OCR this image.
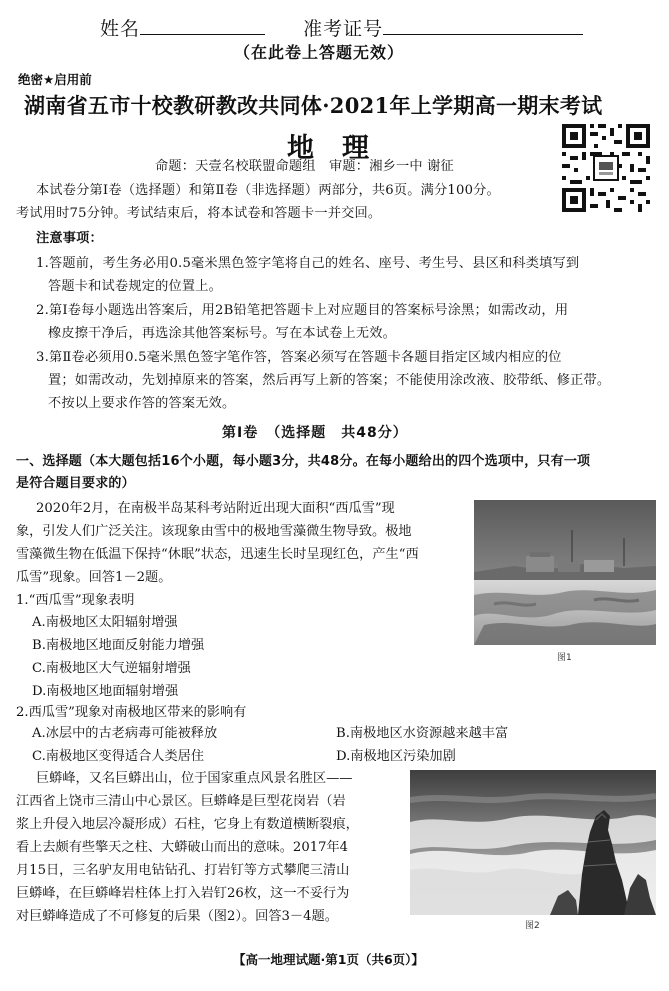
姓名	准考证号
（在此卷上答题无效）
绝密★启用前
湖南省五市十校教研教改共同体·2021年上学期高一期末考试
地理
命题：天壹名校联盟命题组　审题：湘乡一中 谢征
本试卷分第Ⅰ卷（选择题）和第Ⅱ卷（非选择题）两部分，共6页。满分100分。
考试用时75分钟。考试结束后，将本试卷和答题卡一并交回。
注意事项：
1.答题前，考生务必用0.5毫米黑色签字笔将自己的姓名、座号、考生号、县区和科类填写到
答题卡和试卷规定的位置上。
2.第Ⅰ卷每小题选出答案后，用2B铅笔把答题卡上对应题目的答案标号涂黑；如需改动，用
橡皮擦干净后，再选涂其他答案标号。写在本试卷上无效。
3.第Ⅱ卷必须用0.5毫米黑色签字笔作答，答案必须写在答题卡各题目指定区域内相应的位
置；如需改动，先划掉原来的答案，然后再写上新的答案；不能使用涂改液、胶带纸、修正带。
不按以上要求作答的答案无效。
第Ⅰ卷　（选择题　共48分）
一、选择题（本大题包括16个小题，每小题3分，共48分。在每小题给出的四个选项中，只有一项
是符合题目要求的）
2020年2月，在南极半岛某科考站附近出现大面积“西瓜雪”现
象，引发人们广泛关注。该现象由雪中的极地雪藻微生物导致。极地
雪藻微生物在低温下保持“休眠”状态，迅速生长时呈现红色，产生“西
瓜雪”现象。回答1－2题。
图1
1.“西瓜雪”现象表明
A.南极地区太阳辐射增强
B.南极地区地面反射能力增强
C.南极地区大气逆辐射增强
D.南极地区地面辐射增强
2.西瓜雪”现象对南极地区带来的影响有
A.冰层中的古老病毒可能被释放	B.南极地区水资源越来越丰富
C.南极地区变得适合人类居住	D.南极地区污染加剧
巨蟒峰，又名巨蟒出山，位于国家重点风景名胜区——
江西省上饶市三清山中心景区。巨蟒峰是巨型花岗岩（岩
浆上升侵入地层冷凝形成）石柱，它身上有数道横断裂痕，
看上去颇有些擎天之柱、大蟒破山而出的意味。2017年4
月15日，三名驴友用电钻钻孔、打岩钉等方式攀爬三清山
巨蟒峰，在巨蟒峰岩柱体上打入岩钉26枚，这一不妥行为
对巨蟒峰造成了不可修复的后果（图2）。回答3－4题。
图2
【高一地理试题·第1页（共6页）】
